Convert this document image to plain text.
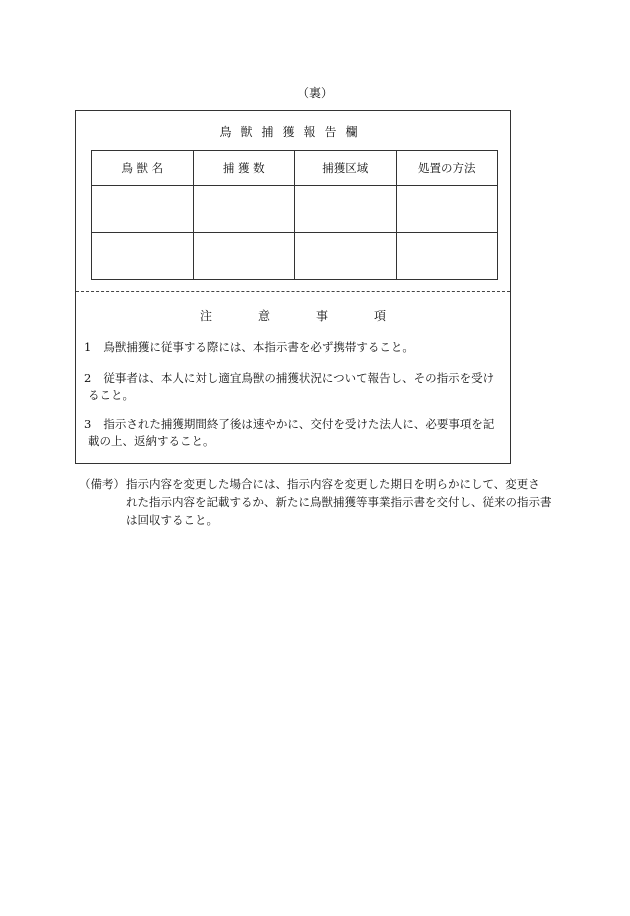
（裏）
鳥獣捕獲報告欄
鳥 獣 名	捕 獲 数	捕獲区域	処置の方法

注	意	事	項
1 鳥獣捕獲に従事する際には、本指示書を必ず携帯すること。
2 従事者は、本人に対し適宜鳥獣の捕獲状況について報告し、その指示を受け
ること。
3 指示された捕獲期間終了後は速やかに、交付を受けた法人に、必要事項を記
載の上、返納すること。
（備考） 指示内容を変更した場合には、指示内容を変更した期日を明らかにして、変更さ
れた指示内容を記載するか、新たに鳥獣捕獲等事業指示書を交付し、従来の指示書
は回収すること。
